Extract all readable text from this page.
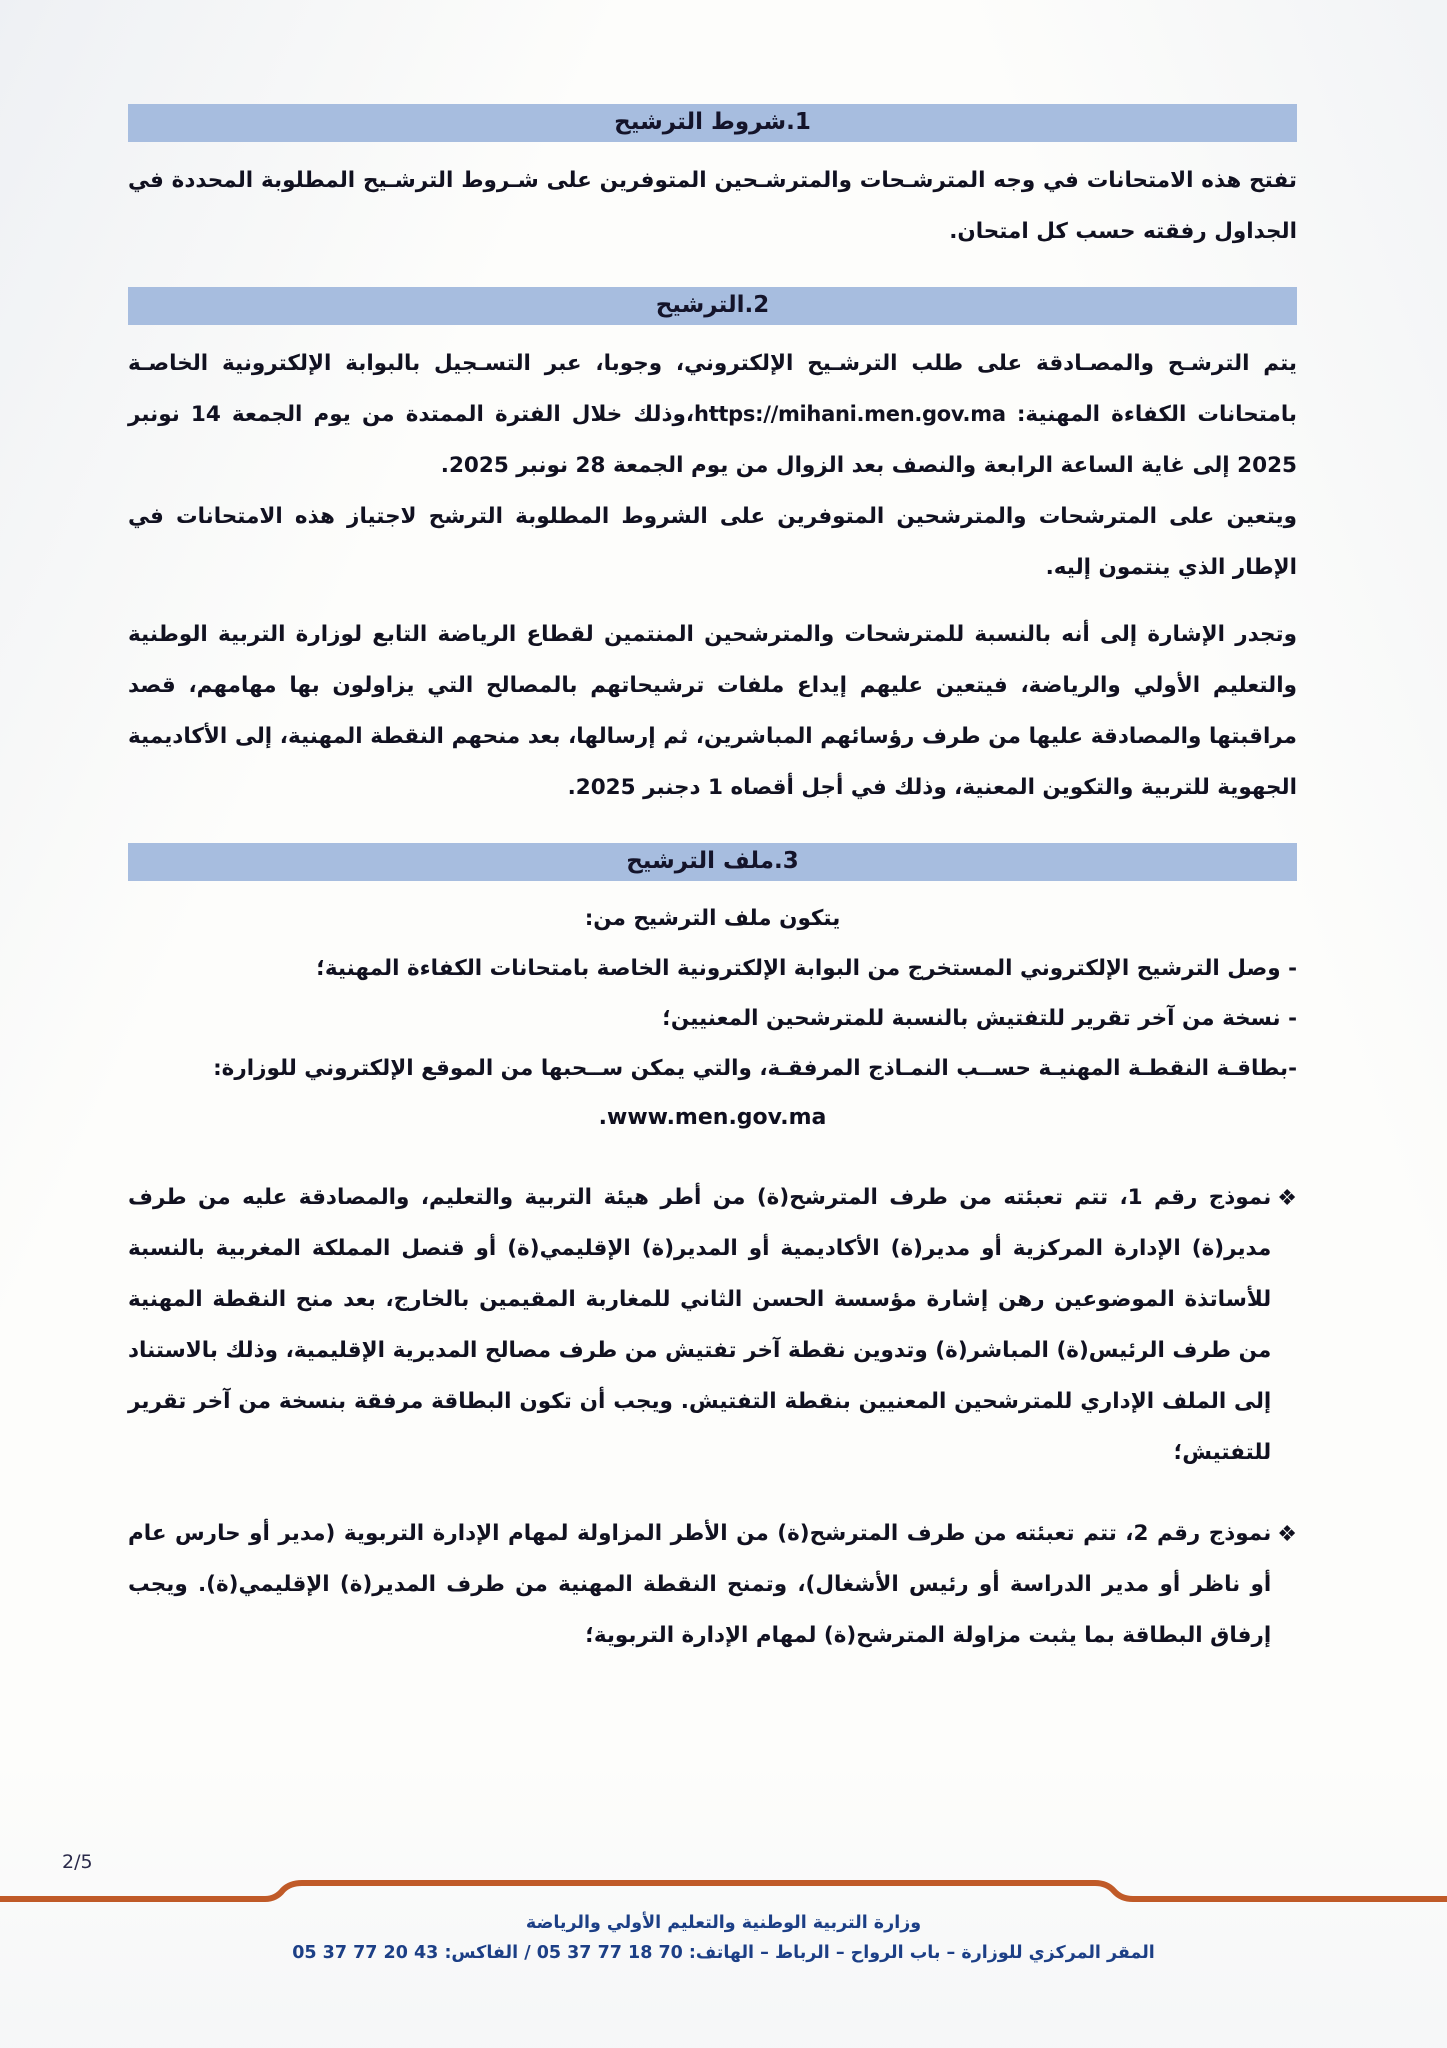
1.شروط الترشيح

تفتح هذه الامتحانات في وجه المترشـحات والمترشـحين المتوفرين على شـروط الترشـيح المطلوبة المحددة في الجداول رفقته حسب كل امتحان.

2.الترشيح

يتم الترشـح والمصـادقة على طلب الترشـيح الإلكتروني، وجوبا، عبر التسـجيل بالبوابة الإلكترونية الخاصـة بامتحانات الكفاءة المهنية: https://mihani.men.gov.ma،وذلك خلال الفترة الممتدة من يوم الجمعة 14 نونبر 2025 إلى غاية الساعة الرابعة والنصف بعد الزوال من يوم الجمعة 28 نونبر 2025.

ويتعين على المترشحات والمترشحين المتوفرين على الشروط المطلوبة الترشح لاجتياز هذه الامتحانات في الإطار الذي ينتمون إليه.

وتجدر الإشارة إلى أنه بالنسبة للمترشحات والمترشحين المنتمين لقطاع الرياضة التابع لوزارة التربية الوطنية والتعليم الأولي والرياضة، فيتعين عليهم إيداع ملفات ترشيحاتهم بالمصالح التي يزاولون بها مهامهم، قصد مراقبتها والمصادقة عليها من طرف رؤسائهم المباشرين، ثم إرسالها، بعد منحهم النقطة المهنية، إلى الأكاديمية الجهوية للتربية والتكوين المعنية، وذلك في أجل أقصاه 1 دجنبر 2025.

3.ملف الترشيح
يتكون ملف الترشيح من:
- وصل الترشيح الإلكتروني المستخرج من البوابة الإلكترونية الخاصة بامتحانات الكفاءة المهنية؛
- نسخة من آخر تقرير للتفتيش بالنسبة للمترشحين المعنيين؛
-بطاقـة النقطـة المهنيـة حســب النمـاذج المرفقـة، والتي يمكن ســحبها من الموقع الإلكتروني للوزارة:
.www.men.gov.ma
❖
نموذج رقم 1، تتم تعبئته من طرف المترشح(ة) من أطر هيئة التربية والتعليم، والمصادقة عليه من طرف مدير(ة) الإدارة المركزية أو مدير(ة) الأكاديمية أو المدير(ة) الإقليمي(ة) أو قنصل المملكة المغربية بالنسبة للأساتذة الموضوعين رهن إشارة مؤسسة الحسن الثاني للمغاربة المقيمين بالخارج، بعد منح النقطة المهنية من طرف الرئيس(ة) المباشر(ة) وتدوين نقطة آخر تفتيش من طرف مصالح المديرية الإقليمية، وذلك بالاستناد إلى الملف الإداري للمترشحين المعنيين بنقطة التفتيش. ويجب أن تكون البطاقة مرفقة بنسخة من آخر تقرير للتفتيش؛
❖
نموذج رقم 2، تتم تعبئته من طرف المترشح(ة) من الأطر المزاولة لمهام الإدارة التربوية (مدير أو حارس عام أو ناظر أو مدير الدراسة أو رئيس الأشغال)، وتمنح النقطة المهنية من طرف المدير(ة) الإقليمي(ة). ويجب إرفاق البطاقة بما يثبت مزاولة المترشح(ة) لمهام الإدارة التربوية؛
2/5
وزارة التربية الوطنية والتعليم الأولي والرياضة
المقر المركزي للوزارة – باب الرواح – الرباط – الهاتف: 05 37 77 18 70 / الفاكس: 05 37 77 20 43
